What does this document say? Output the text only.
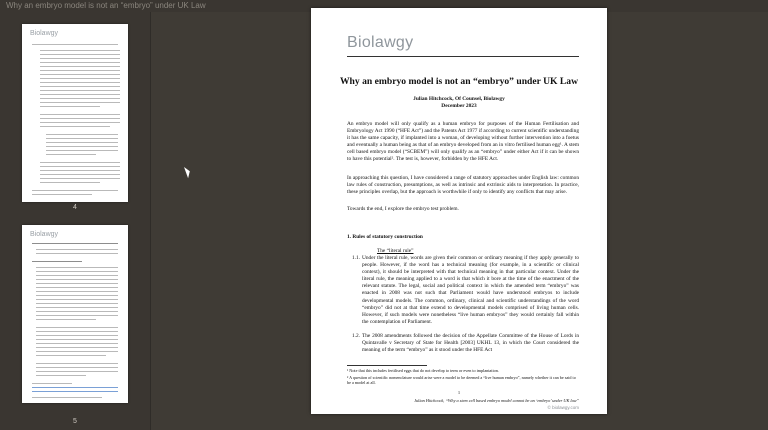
Why an embryo model is not an “embryo” under UK Law
Biolawgy
4
Biolawgy
5
Biolawgy
Why an embryo model is not an “embryo” under UK Law
Julian Hitchcock, Of Counsel, Biolawgy
December 2023

An embryo model will only qualify as a human embryo for purposes of the Human Fertilisation and Embryology Act 1990 (“HFE Act”) and the Patents Act 1977 if according to current scientific understanding it has the same capacity, if implanted into a woman, of developing without further intervention into a foetus and eventually a human being as that of an embryo developed from an in vitro fertilised human egg¹. A stem cell based embryo model (“SCBEM”) will only qualify as an “embryo” under either Act if it can be shown to have this potential². The test is, however, forbidden by the HFE Act.

In approaching this question, I have considered a range of statutory approaches under English law: common law rules of construction, presumptions, as well as intrinsic and extrinsic aids to interpretation. In practice, these principles overlap, but the approach is worthwhile if only to identify any conflicts that may arise.

Towards the end, I explore the embryo test problem.

1. Rules of statutory construction
The “literal rule”
1.1. Under the literal rule, words are given their common or ordinary meaning if they apply generally to people. However, if the word has a technical meaning (for example, in a scientific or clinical context), it should be interpreted with that technical meaning in that particular context. Under the literal rule, the meaning applied to a word is that which it bore at the time of the enactment of the relevant statute. The legal, social and political context in which the amended term “embryo” was enacted in 2008 was not such that Parliament would have understood embryos to include developmental models. The common, ordinary, clinical and scientific understandings of the word “embryo” did not at that time extend to developmental models comprised of living human cells. However, if such models were nonetheless “live human embryos” they would certainly fall within the contemplation of Parliament.
1.2. The 2008 amendments followed the decision of the Appellate Committee of the House of Lords in Quintavalle v Secretary of State for Health [2003] UKHL 13, in which the Court considered the meaning of the term “embryo” as it stood under the HFE Act
¹ Note that this includes fertilised eggs that do not develop to term or even to implantation.
² A question of scientific nomenclature would arise were a model to be deemed a “live human embryo”, namely whether it can be said to be a model at all.
1
Julian Hitchcock, “Why a stem cell based embryo model cannot be an ‘embryo’ under UK law”
© biolawgy.com
